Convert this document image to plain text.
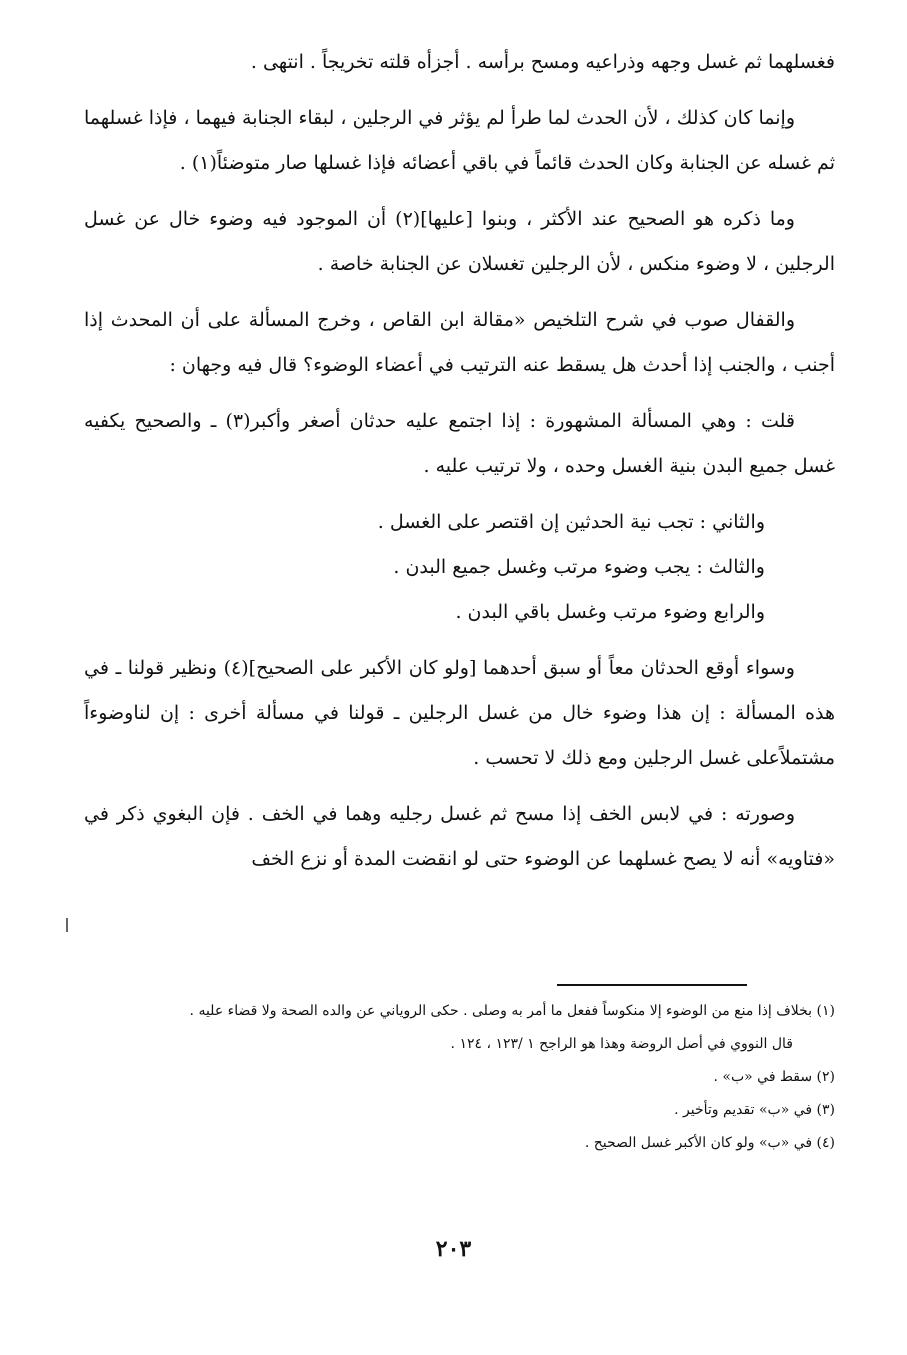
فغسلهما ثم غسل وجهه وذراعيه ومسح برأسه . أجزأه قلته تخريجاً . انتهى .

وإنما كان كذلك ، لأن الحدث لما طرأ لم يؤثر في الرجلين ، لبقاء الجنابة فيهما ، فإذا غسلهما ثم غسله عن الجنابة وكان الحدث قائماً في باقي أعضائه فإذا غسلها صار متوضئاً(١) .

وما ذكره هو الصحيح عند الأكثر ، وبنوا [عليها](٢) أن الموجود فيه وضوء خال عن غسل الرجلين ، لا وضوء منكس ، لأن الرجلين تغسلان عن الجنابة خاصة .

والقفال صوب في شرح التلخيص «مقالة ابن القاص ، وخرج المسألة على أن المحدث إذا أجنب ، والجنب إذا أحدث هل يسقط عنه الترتيب في أعضاء الوضوء؟ قال فيه وجهان :

قلت : وهي المسألة المشهورة : إذا اجتمع عليه حدثان أصغر وأكبر(٣) ـ والصحيح يكفيه غسل جميع البدن بنية الغسل وحده ، ولا ترتيب عليه .

والثاني : تجب نية الحدثين إن اقتصر على الغسل .

والثالث : يجب وضوء مرتب وغسل جميع البدن .

والرابع وضوء مرتب وغسل باقي البدن .

وسواء أوقع الحدثان معاً أو سبق أحدهما [ولو كان الأكبر على الصحيح](٤) ونظير قولنا ـ في هذه المسألة : إن هذا وضوء خال من غسل الرجلين ـ قولنا في مسألة أخرى : إن لناوضوءاً مشتملاًعلى غسل الرجلين ومع ذلك لا تحسب .

وصورته : في لابس الخف إذا مسح ثم غسل رجليه وهما في الخف . فإن البغوي ذكر في «فتاويه» أنه لا يصح غسلهما عن الوضوء حتى لو انقضت المدة أو نزع الخف

(١) بخلاف إذا منع من الوضوء إلا منكوساً ففعل ما أمر به وصلى . حكى الروياني عن والده الصحة ولا قضاء عليه .

قال النووي في أصل الروضة وهذا هو الراجح ١ /١٢٣ ، ١٢٤ .

(٢) سقط في «ب» .

(٣) في «ب» تقديم وتأخير .

(٤) في «ب» ولو كان الأكبر غسل الصحيح .

٢٠٣
